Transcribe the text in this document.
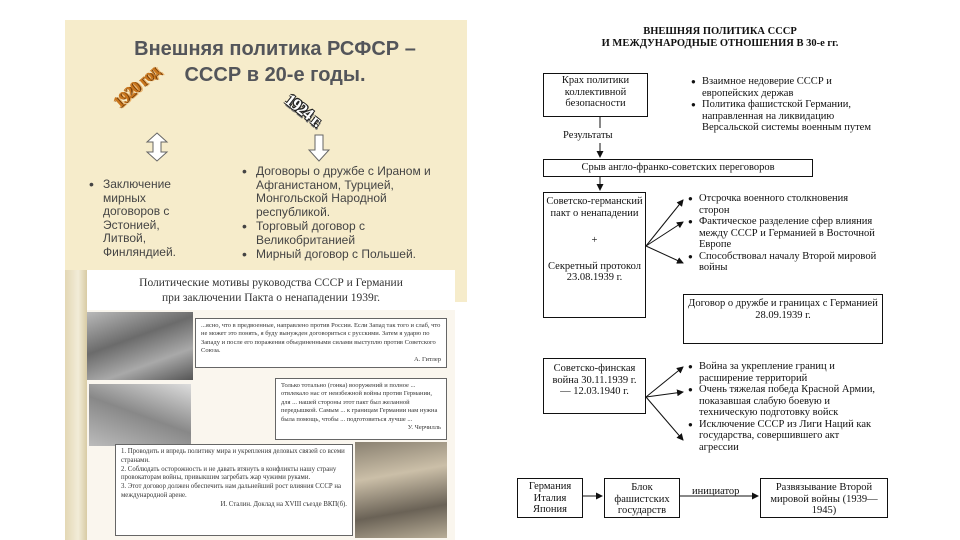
Внешняя политика РСФСР –
СССР в 20-е годы.
1920 год	1924 г.
• Заключение мирных договоров с Эстонией, Литвой, Финляндией.
• Договоры о дружбе с Ираном и Афганистаном, Турцией, Монгольской Народной республикой.
• Торговый договор с Великобританией
• Мирный договор с Польшей.
Политические мотивы руководства СССР и Германии
при заключении Пакта о ненападении 1939г.
...ясно, что в предвоенные, направлено против России. Если Запад так того и слаб, что не может это понять, я буду вынужден договориться с русскими. Затем я ударю по Западу и после его поражения объединенными силами выступлю против Советского Союза.
А. Гитлер
Только тотально (гонка) вооружений и полное ... отвлекало нас от неизбежной войны против Германии, для ... нашей стороны этот пакт был желанной передышкой. Самым ... к границам Германии нам нужна была помощь, чтобы ... подготовиться лучше ...
У. Черчилль
1. Проводить и впредь политику мира и укрепления деловых связей со всеми странами.
2. Соблюдать осторожность и не давать втянуть в конфликты нашу страну провокаторам войны, привыкшим загребать жар чужими руками.
3. Этот договор должен обеспечить нам дальнейший рост влияния СССР на международной арене.
И. Сталин. Доклад на XVIII съезде ВКП(б).
ВНЕШНЯЯ ПОЛИТИКА СССР
И МЕЖДУНАРОДНЫЕ ОТНОШЕНИЯ В 30-е гг.
Крах политики коллективной безопасности
● Взаимное недоверие СССР и европейских держав
● Политика фашистской Германии, направленная на ликвидацию Версальской системы военным путем
Результаты
Срыв англо-франко-советских переговоров
Советско-германский пакт о ненападении
+
Секретный протокол 23.08.1939 г.
● Отсрочка военного столкновения сторон
● Фактическое разделение сфер влияния между СССР и Германией в Восточной Европе
● Способствовал началу Второй мировой войны
Договор о дружбе и границах с Германией 28.09.1939 г.
Советско-финская война 30.11.1939 г. — 12.03.1940 г.
● Война за укрепление границ и расширение территорий
● Очень тяжелая победа Красной Армии, показавшая слабую боевую и техническую подготовку войск
● Исключение СССР из Лиги Наций как государства, совершившего акт агрессии
Германия Италия Япония
Блок фашистских государств
инициатор	Развязывание Второй мировой войны (1939—1945)
